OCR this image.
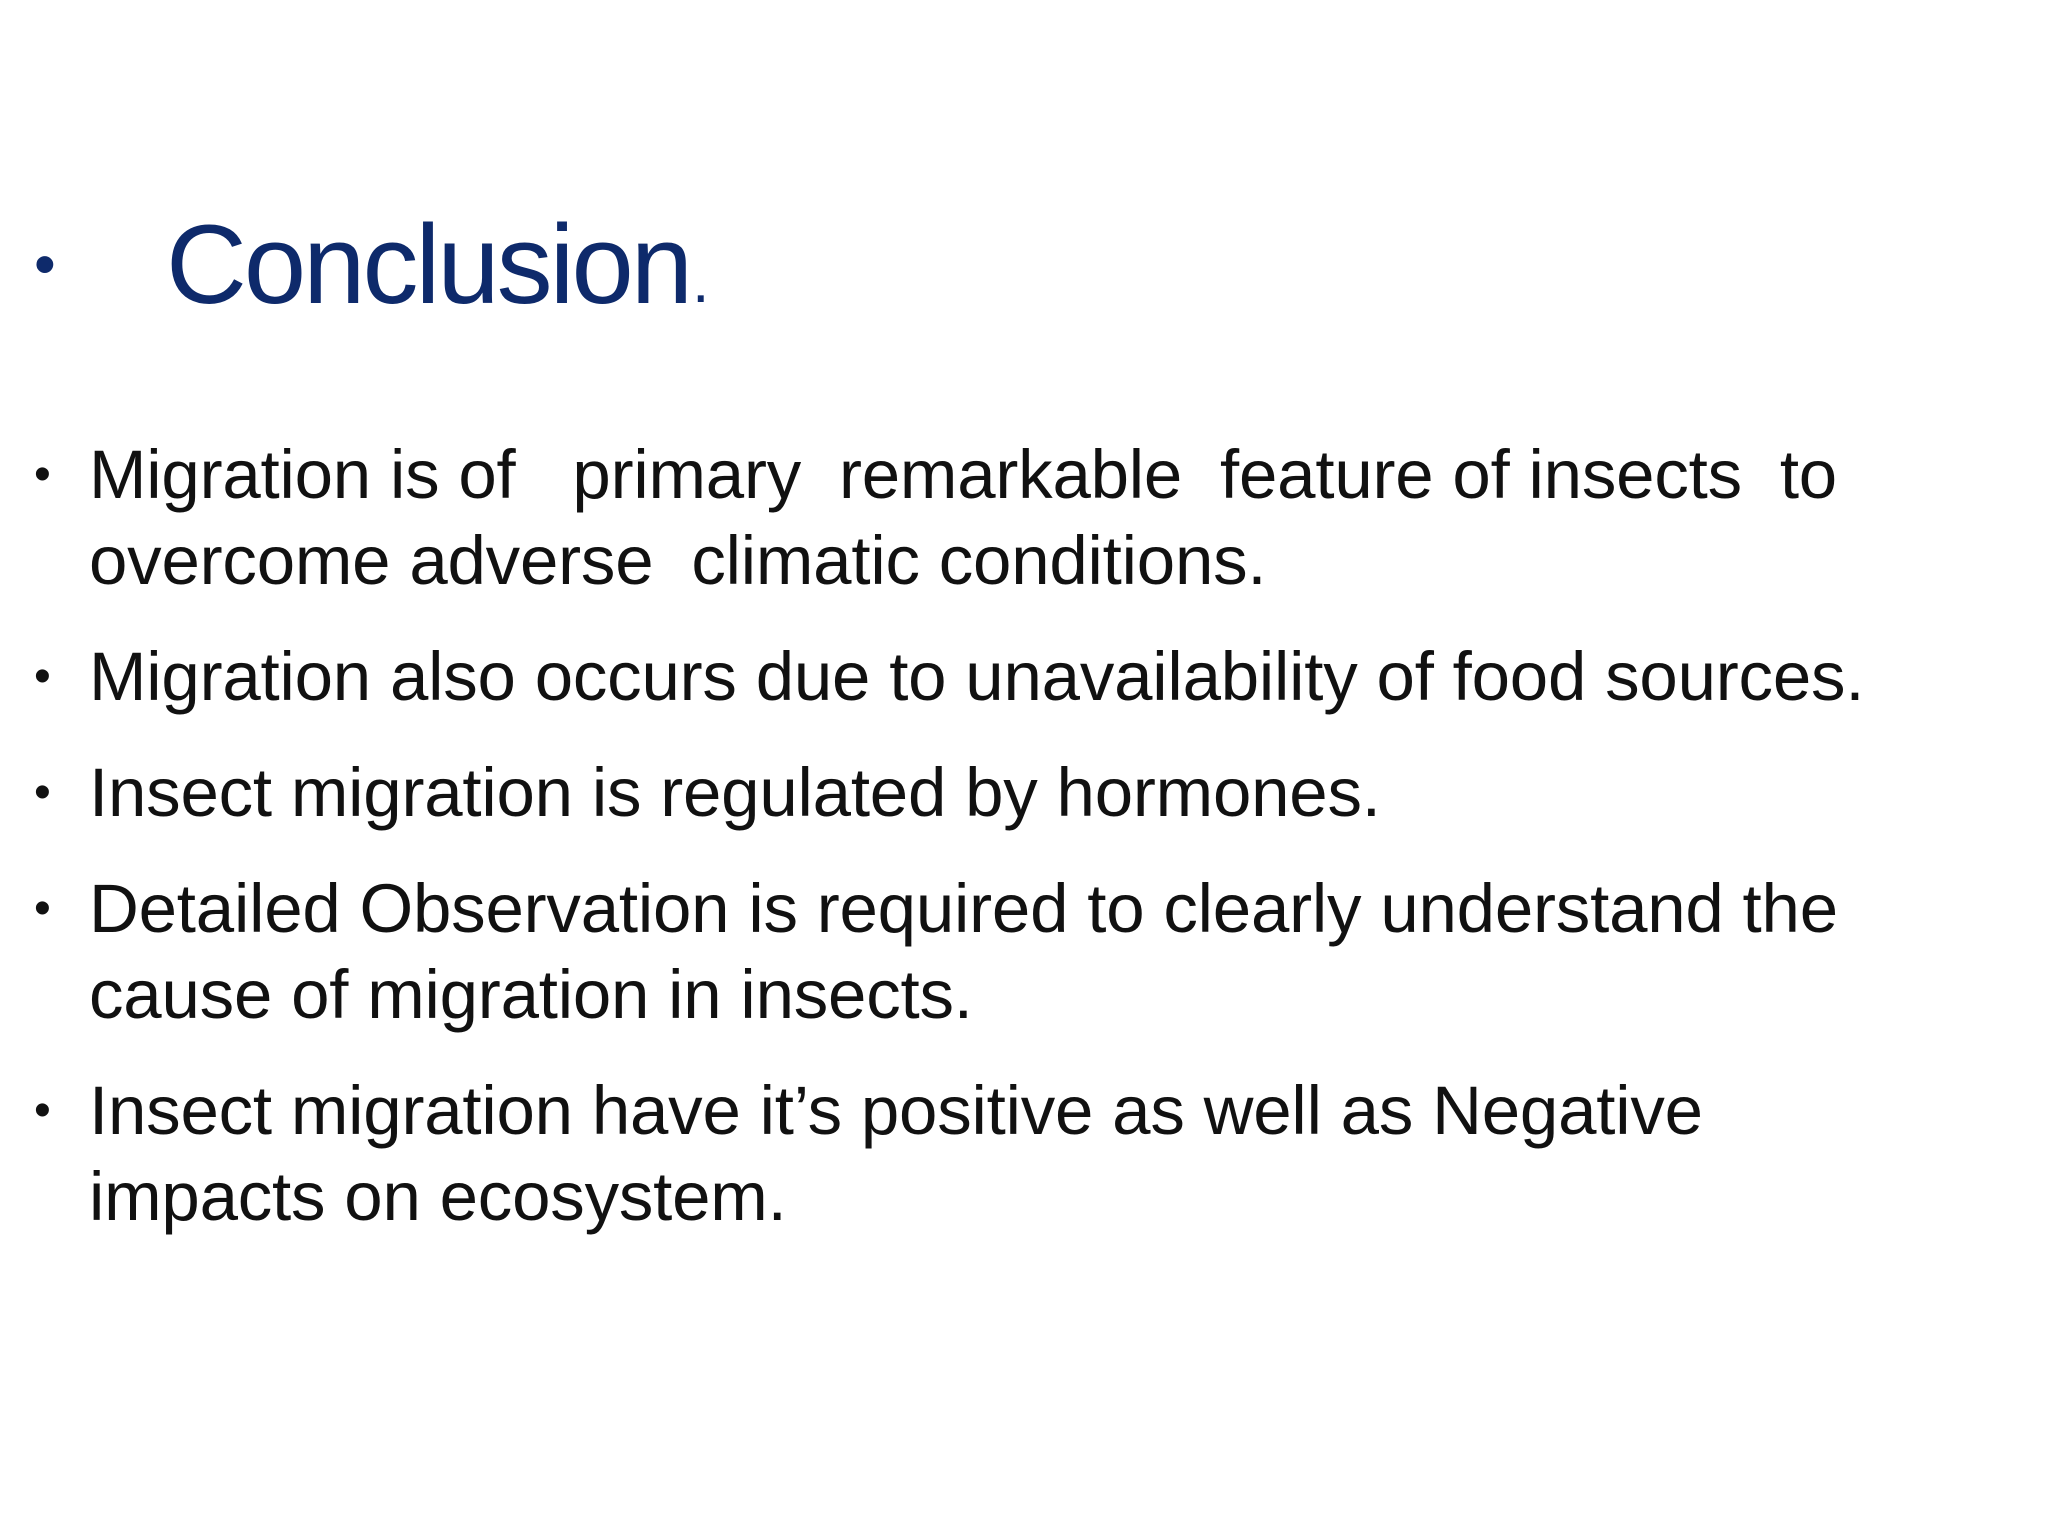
• Conclusion .
• Migration is of   primary  remarkable  feature of insects  to
overcome adverse  climatic conditions.
• Migration also occurs due to unavailability of food sources.
• Insect migration is regulated by hormones.
• Detailed Observation is required to clearly understand the
cause of migration in insects.
• Insect migration have it’s positive as well as Negative
impacts on ecosystem.
